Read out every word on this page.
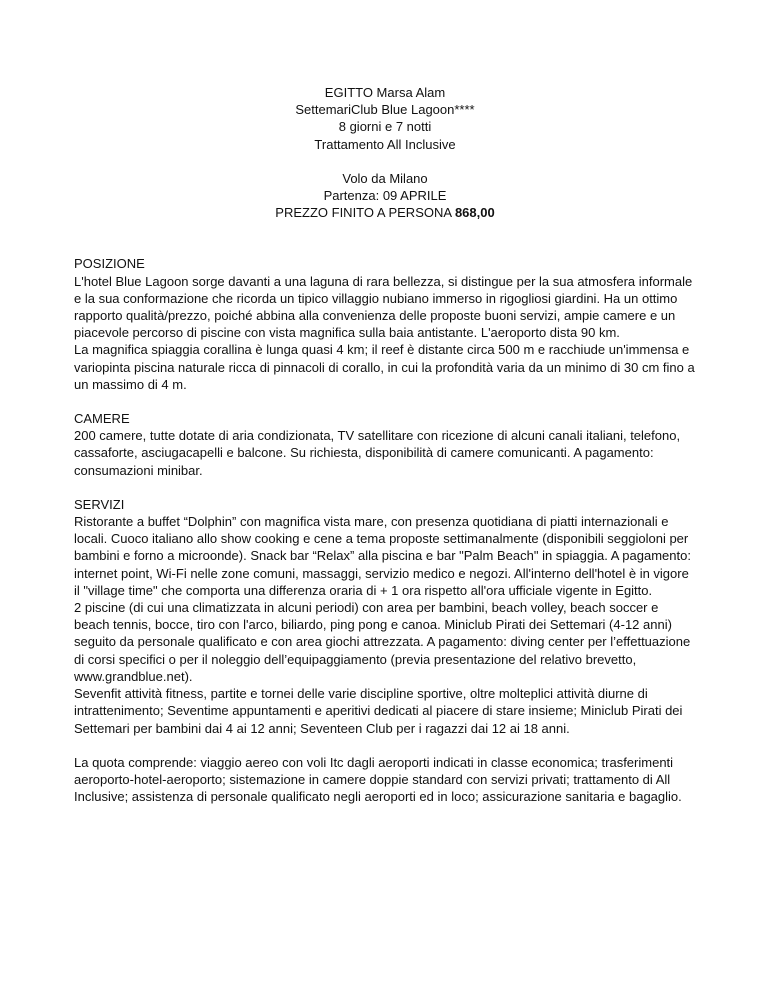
EGITTO Marsa Alam
SettemariClub Blue Lagoon****
8 giorni e 7 notti
Trattamento All Inclusive
Volo da Milano
Partenza: 09 APRILE
PREZZO FINITO A PERSONA 868,00
POSIZIONE
L'hotel Blue Lagoon sorge davanti a una laguna di rara bellezza, si distingue per la sua atmosfera informale e la sua conformazione che ricorda un tipico villaggio nubiano immerso in rigogliosi giardini. Ha un ottimo rapporto qualità/prezzo, poiché abbina alla convenienza delle proposte buoni servizi, ampie camere e un piacevole percorso di piscine con vista magnifica sulla baia antistante. L'aeroporto dista 90 km.
La magnifica spiaggia corallina è lunga quasi 4 km; il reef è distante circa 500 m e racchiude un'immensa e variopinta piscina naturale ricca di pinnacoli di corallo, in cui la profondità varia da un minimo di 30 cm fino a un massimo di 4 m.
CAMERE
200 camere, tutte dotate di aria condizionata, TV satellitare con ricezione di alcuni canali italiani, telefono, cassaforte, asciugacapelli e balcone. Su richiesta, disponibilità di camere comunicanti. A pagamento: consumazioni minibar.
SERVIZI
Ristorante a buffet “Dolphin” con magnifica vista mare, con presenza quotidiana di piatti internazionali e locali. Cuoco italiano allo show cooking e cene a tema proposte settimanalmente (disponibili seggioloni per bambini e forno a microonde). Snack bar “Relax” alla piscina e bar "Palm Beach" in spiaggia. A pagamento: internet point, Wi-Fi nelle zone comuni, massaggi, servizio medico e negozi. All'interno dell'hotel è in vigore il "village time" che comporta una differenza oraria di + 1 ora rispetto all'ora ufficiale vigente in Egitto.
2 piscine (di cui una climatizzata in alcuni periodi) con area per bambini, beach volley, beach soccer e beach tennis, bocce, tiro con l'arco, biliardo, ping pong e canoa. Miniclub Pirati dei Settemari (4-12 anni) seguito da personale qualificato e con area giochi attrezzata. A pagamento: diving center per l’effettuazione di corsi specifici o per il noleggio dell’equipaggiamento (previa presentazione del relativo brevetto, www.grandblue.net).
Sevenfit attività fitness, partite e tornei delle varie discipline sportive, oltre molteplici attività diurne di intrattenimento; Seventime appuntamenti e aperitivi dedicati al piacere di stare insieme; Miniclub Pirati dei Settemari per bambini dai 4 ai 12 anni; Seventeen Club per i ragazzi dai 12 ai 18 anni.
La quota comprende: viaggio aereo con voli Itc dagli aeroporti indicati in classe economica; trasferimenti aeroporto-hotel-aeroporto; sistemazione in camere doppie standard con servizi privati; trattamento di All Inclusive; assistenza di personale qualificato negli aeroporti ed in loco; assicurazione sanitaria e bagaglio.
